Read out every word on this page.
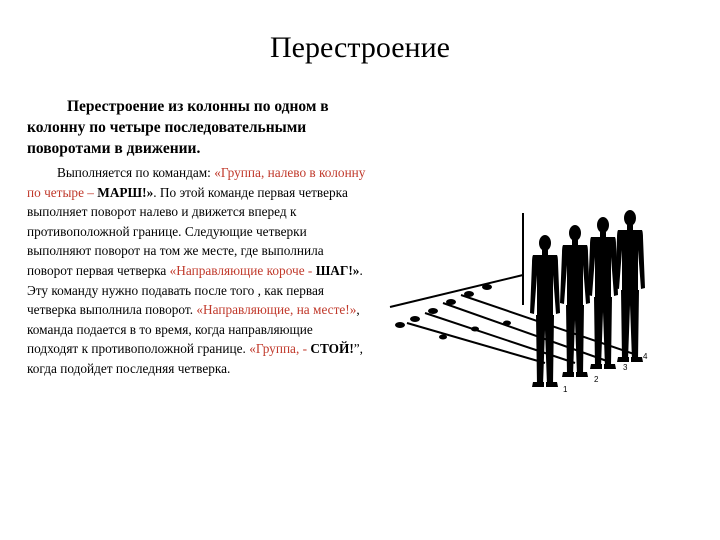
Перестроение

Перестроение из колонны по одном в колонну по четыре последовательными поворотами в движении.

Выполняется по командам: «Группа, налево в колонну по четыре – МАРШ!». По этой команде первая четверка выполняет поворот налево и движется вперед к противоположной границе. Следующие четверки выполняют поворот на том же месте, где выполнила поворот первая четверка «Направляющие короче - ШАГ!». Эту команду нужно подавать после того , как первая четверка выполнила поворот. «Направляющие, на месте!», команда подается в то время, когда направляющие подходят к противоположной границе. «Группа, - СТОЙ!”, когда подойдет последняя четверка.

1
2
3
4
